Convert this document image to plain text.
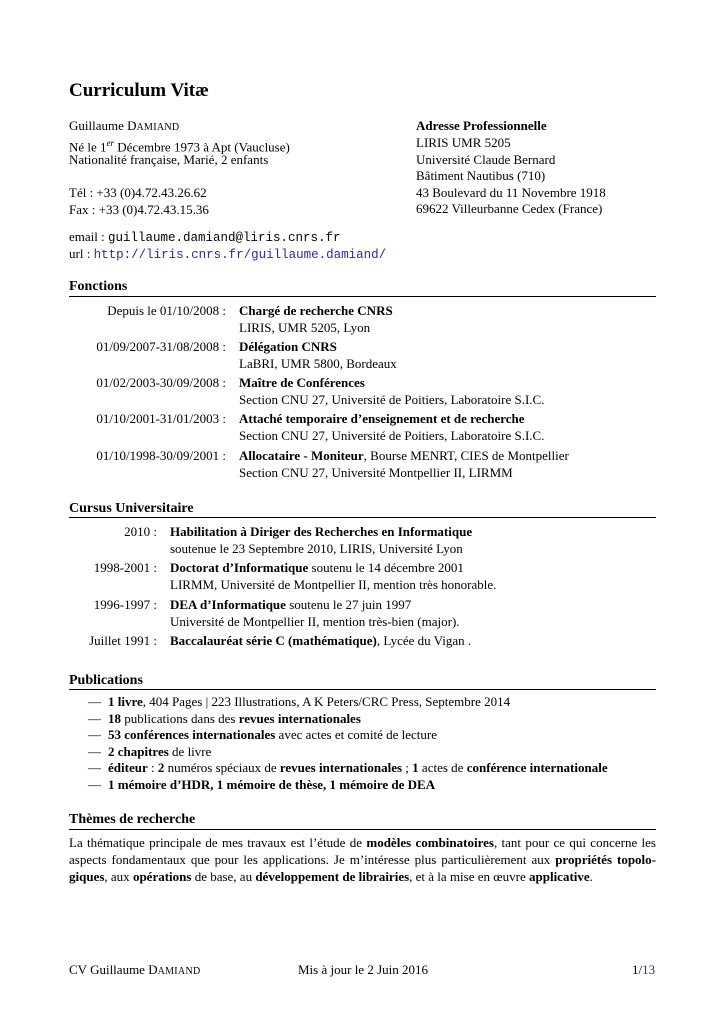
Curriculum Vitæ
Guillaume DAMIAND
Né le 1er Décembre 1973 à Apt (Vaucluse)
Nationalité française, Marié, 2 enfants
Tél : +33 (0)4.72.43.26.62
Fax : +33 (0)4.72.43.15.36
email : guillaume.damiand@liris.cnrs.fr
url : http://liris.cnrs.fr/guillaume.damiand/
Adresse Professionnelle
LIRIS UMR 5205
Université Claude Bernard
Bâtiment Nautibus (710)
43 Boulevard du 11 Novembre 1918
69622 Villeurbanne Cedex (France)
Fonctions
Depuis le 01/10/2008 : Chargé de recherche CNRS
LIRIS, UMR 5205, Lyon
01/09/2007-31/08/2008 : Délégation CNRS
LaBRI, UMR 5800, Bordeaux
01/02/2003-30/09/2008 : Maître de Conférences
Section CNU 27, Université de Poitiers, Laboratoire S.I.C.
01/10/2001-31/01/2003 : Attaché temporaire d’enseignement et de recherche
Section CNU 27, Université de Poitiers, Laboratoire S.I.C.
01/10/1998-30/09/2001 : Allocataire - Moniteur, Bourse MENRT, CIES de Montpellier
Section CNU 27, Université Montpellier II, LIRMM
Cursus Universitaire
2010 : Habilitation à Diriger des Recherches en Informatique
soutenue le 23 Septembre 2010, LIRIS, Université Lyon
1998-2001 : Doctorat d’Informatique soutenu le 14 décembre 2001
LIRMM, Université de Montpellier II, mention très honorable.
1996-1997 : DEA d’Informatique soutenu le 27 juin 1997
Université de Montpellier II, mention très-bien (major).
Juillet 1991 : Baccalauréat série C (mathématique), Lycée du Vigan .
Publications
— 1 livre, 404 Pages | 223 Illustrations, A K Peters/CRC Press, Septembre 2014
— 18 publications dans des revues internationales
— 53 conférences internationales avec actes et comité de lecture
— 2 chapitres de livre
— éditeur : 2 numéros spéciaux de revues internationales ; 1 actes de conférence internationale
— 1 mémoire d’HDR, 1 mémoire de thèse, 1 mémoire de DEA
Thèmes de recherche
La thématique principale de mes travaux est l’étude de modèles combinatoires, tant pour ce qui concerne les aspects fondamentaux que pour les applications. Je m’intéresse plus particulièrement aux propriétés topolo-giques, aux opérations de base, au développement de librairies, et à la mise en œuvre applicative.
CV Guillaume DAMIAND	Mis à jour le 2 Juin 2016	1/13
